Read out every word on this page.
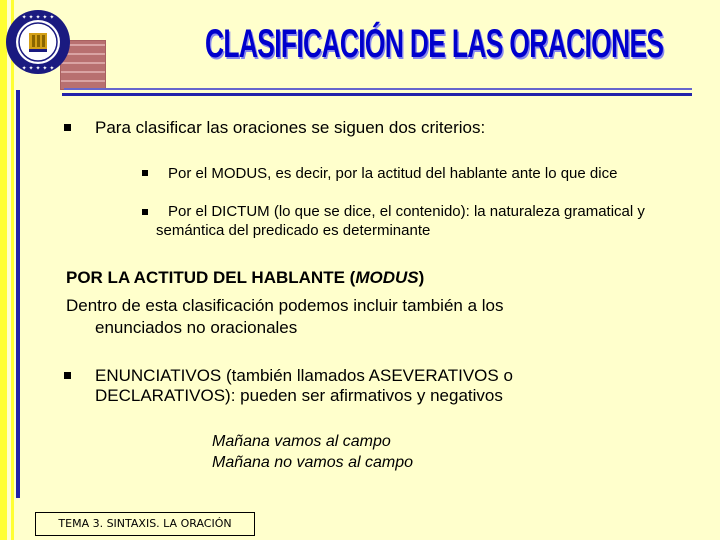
✦ ✦ ✦ ✦ ✦
✦ ✦ ✦ ✦ ✦
CLASIFICACIÓN DE LAS ORACIONES
Para clasificar las oraciones se siguen dos criterios:
Por el MODUS, es decir, por la actitud del hablante ante lo que dice
Por el DICTUM (lo que se dice, el contenido): la naturaleza gramatical y semántica del predicado es determinante
POR LA ACTITUD DEL HABLANTE (MODUS)
Dentro de esta clasificación podemos incluir también a los
enunciados no oracionales
ENUNCIATIVOS (también llamados ASEVERATIVOS o
DECLARATIVOS): pueden ser afirmativos y negativos
Mañana vamos al campo
Mañana no vamos al campo
TEMA 3. SINTAXIS. LA ORACIÓN
